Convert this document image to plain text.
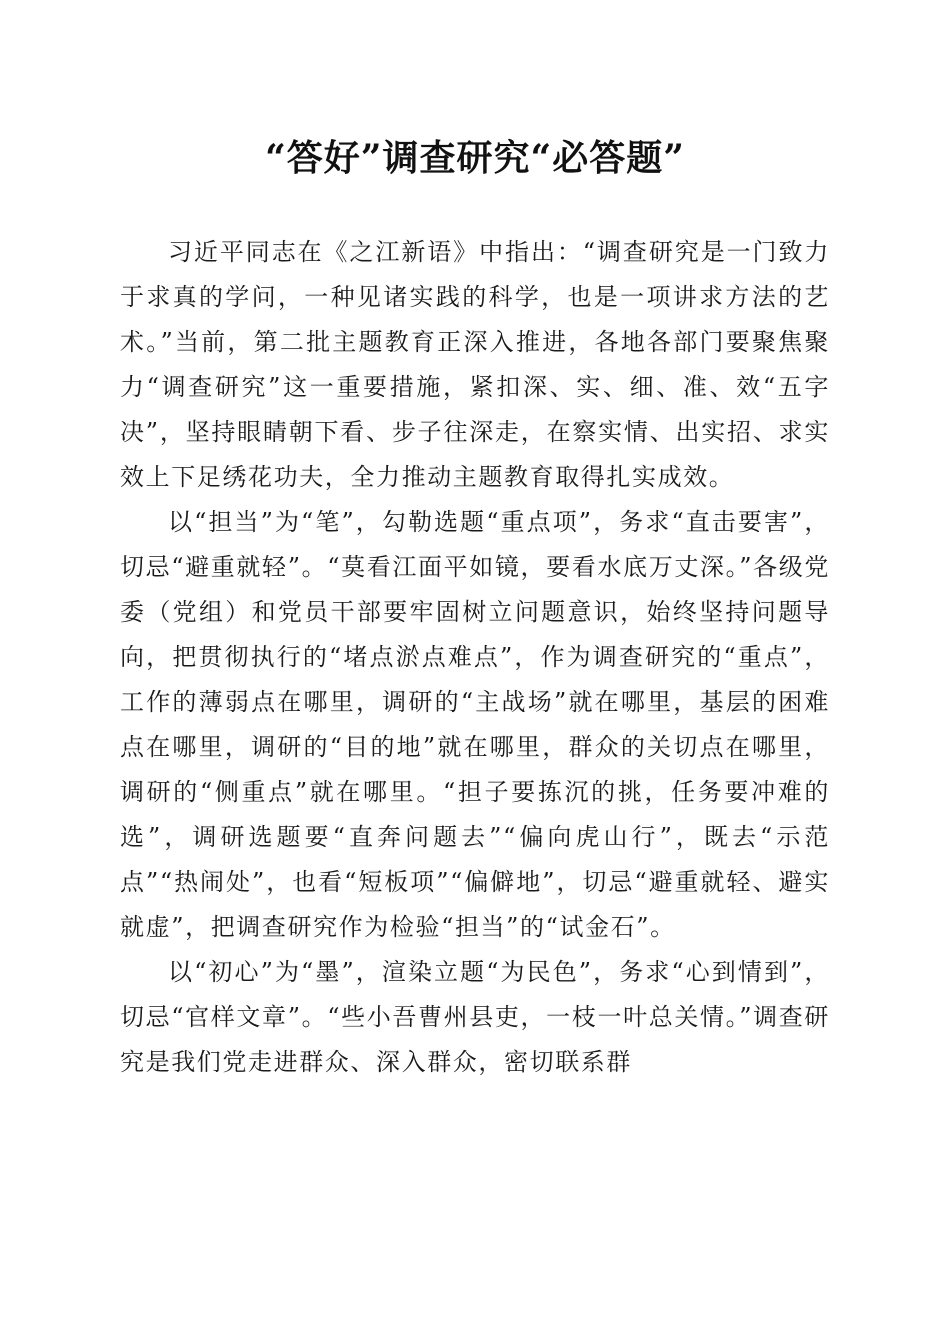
“答好”调查研究“必答题”

习近平同志在《之江新语》中指出：“调查研究是一门致力于求真的学问，一种见诸实践的科学，也是一项讲求方法的艺术。”当前，第二批主题教育正深入推进，各地各部门要聚焦聚力“调查研究”这一重要措施，紧扣深、实、细、准、效“五字决”，坚持眼睛朝下看、步子往深走，在察实情、出实招、求实效上下足绣花功夫，全力推动主题教育取得扎实成效。

以“担当”为“笔”，勾勒选题“重点项”，务求“直击要害”，切忌“避重就轻”。“莫看江面平如镜，要看水底万丈深。”各级党委（党组）和党员干部要牢固树立问题意识，始终坚持问题导向，把贯彻执行的“堵点淤点难点”，作为调查研究的“重点”，工作的薄弱点在哪里，调研的“主战场”就在哪里，基层的困难点在哪里，调研的“目的地”就在哪里，群众的关切点在哪里，调研的“侧重点”就在哪里。“担子要拣沉的挑，任务要冲难的选”，调研选题要“直奔问题去”“偏向虎山行”，既去“示范点”“热闹处”，也看“短板项”“偏僻地”，切忌“避重就轻、避实就虚”，把调查研究作为检验“担当”的“试金石”。

以“初心”为“墨”，渲染立题“为民色”，务求“心到情到”，切忌“官样文章”。“些小吾曹州县吏，一枝一叶总关情。”调查研究是我们党走进群众、深入群众，密切联系群
